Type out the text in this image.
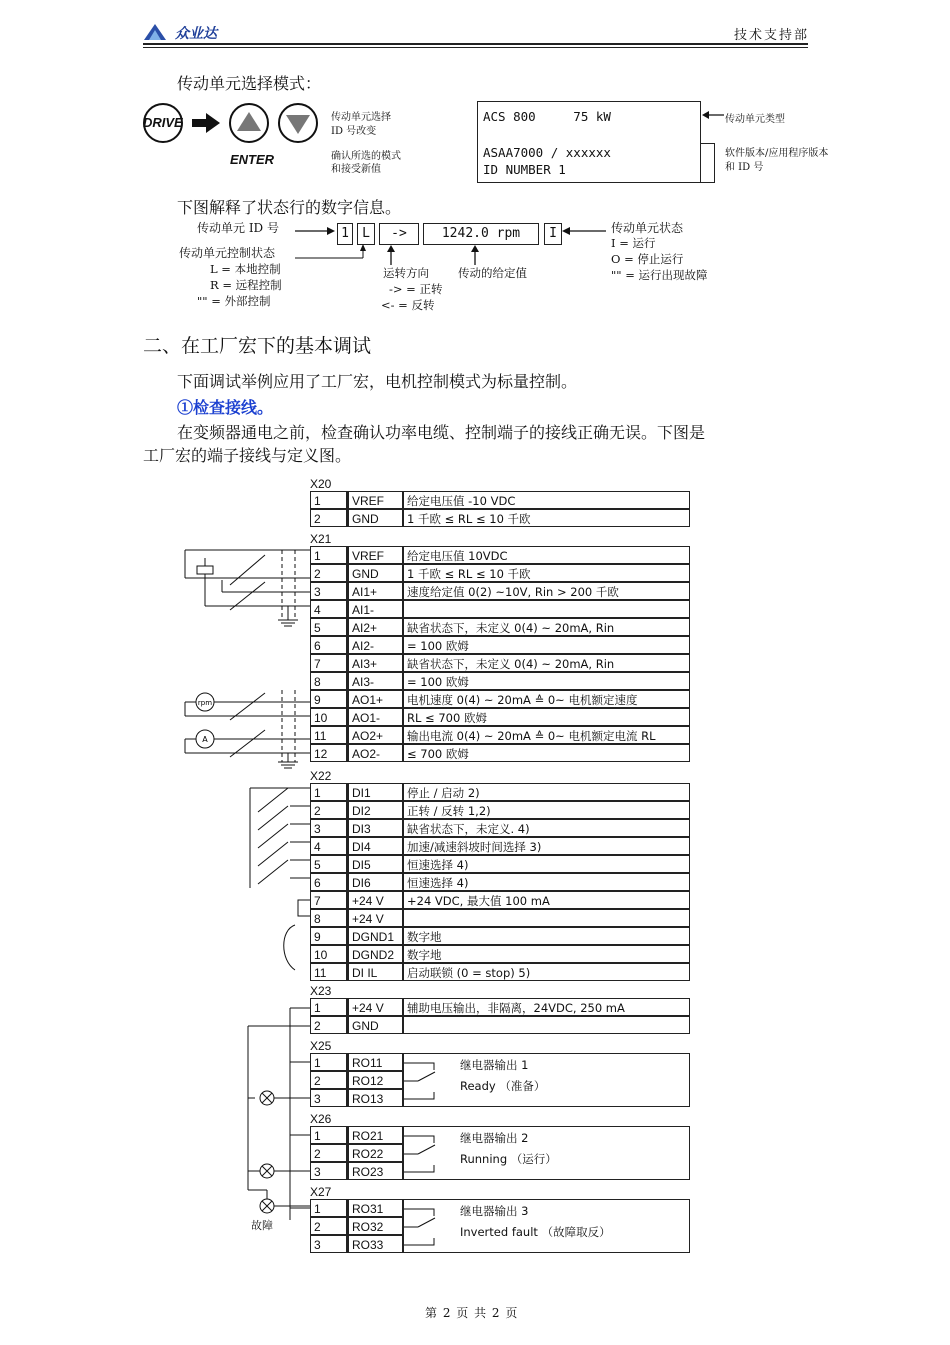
众业达	技术支持部
传动单元选择模式：
DRIVE
ENTER
传动单元选择
ID 号改变
确认所选的模式
和接受新值
ACS 800     75 kW
ASAA7000 / xxxxxx
ID NUMBER 1
传动单元类型
软件版本/应用程序版本
和 ID 号
下图解释了状态行的数字信息。
传动单元 ID 号	1	L	->	1242.0 rpm	I	传动单元状态
I = 运行
O = 停止运行
"" = 运行出现故障
传动单元控制状态
L = 本地控制
R = 远程控制
"" = 外部控制
运转方向
-> = 正转
<- = 反转
传动的给定值
二、在工厂宏下的基本调试
下面调试举例应用了工厂宏，电机控制模式为标量控制。
①检查接线。
在变频器通电之前，检查确认功率电缆、控制端子的接线正确无误。下图是
工厂宏的端子接线与定义图。
X20
1	VREF	给定电压值 -10 VDC
2	GND	1 千欧 ≤ RL ≤ 10 千欧
X21
1	VREF	给定电压值 10VDC
2	GND	1 千欧 ≤ RL ≤ 10 千欧
3	AI1+	速度给定值 0(2) ~10V, Rin > 200 千欧
4	AI1-
5	AI2+	缺省状态下，未定义 0(4) ~ 20mA, Rin
6	AI2-	= 100 欧姆
7	AI3+	缺省状态下，未定义 0(4) ~ 20mA, Rin
8	AI3-	= 100 欧姆
9	AO1+	电机速度 0(4) ~ 20mA ≙ 0~ 电机额定速度
10	AO1-	RL ≤ 700 欧姆
11	AO2+	输出电流 0(4) ~ 20mA ≙ 0~ 电机额定电流 RL
12	AO2-	≤ 700 欧姆
X22
1	DI1	停止 / 启动 2)
2	DI2	正转 / 反转 1,2)
3	DI3	缺省状态下，未定义. 4)
4	DI4	加速/减速斜坡时间选择 3)
5	DI5	恒速选择 4)
6	DI6	恒速选择 4)
7	+24 V	+24 VDC, 最大值 100 mA
8	+24 V
9	DGND1	数字地
10	DGND2	数字地
11	DI IL	启动联锁 (0 = stop) 5)
X23
1	+24 V	辅助电压输出，非隔离，24VDC, 250 mA
2	GND
X25
1	RO11
2	RO12
3	RO13
继电器输出 1
Ready （准备）
X26
1	RO21
2	RO22
3	RO23
继电器输出 2
Running （运行）
X27
1	RO31
2	RO32
3	RO33
继电器输出 3
Inverted fault （故障取反）
rpm
A
故障
第 2 页 共 2 页
